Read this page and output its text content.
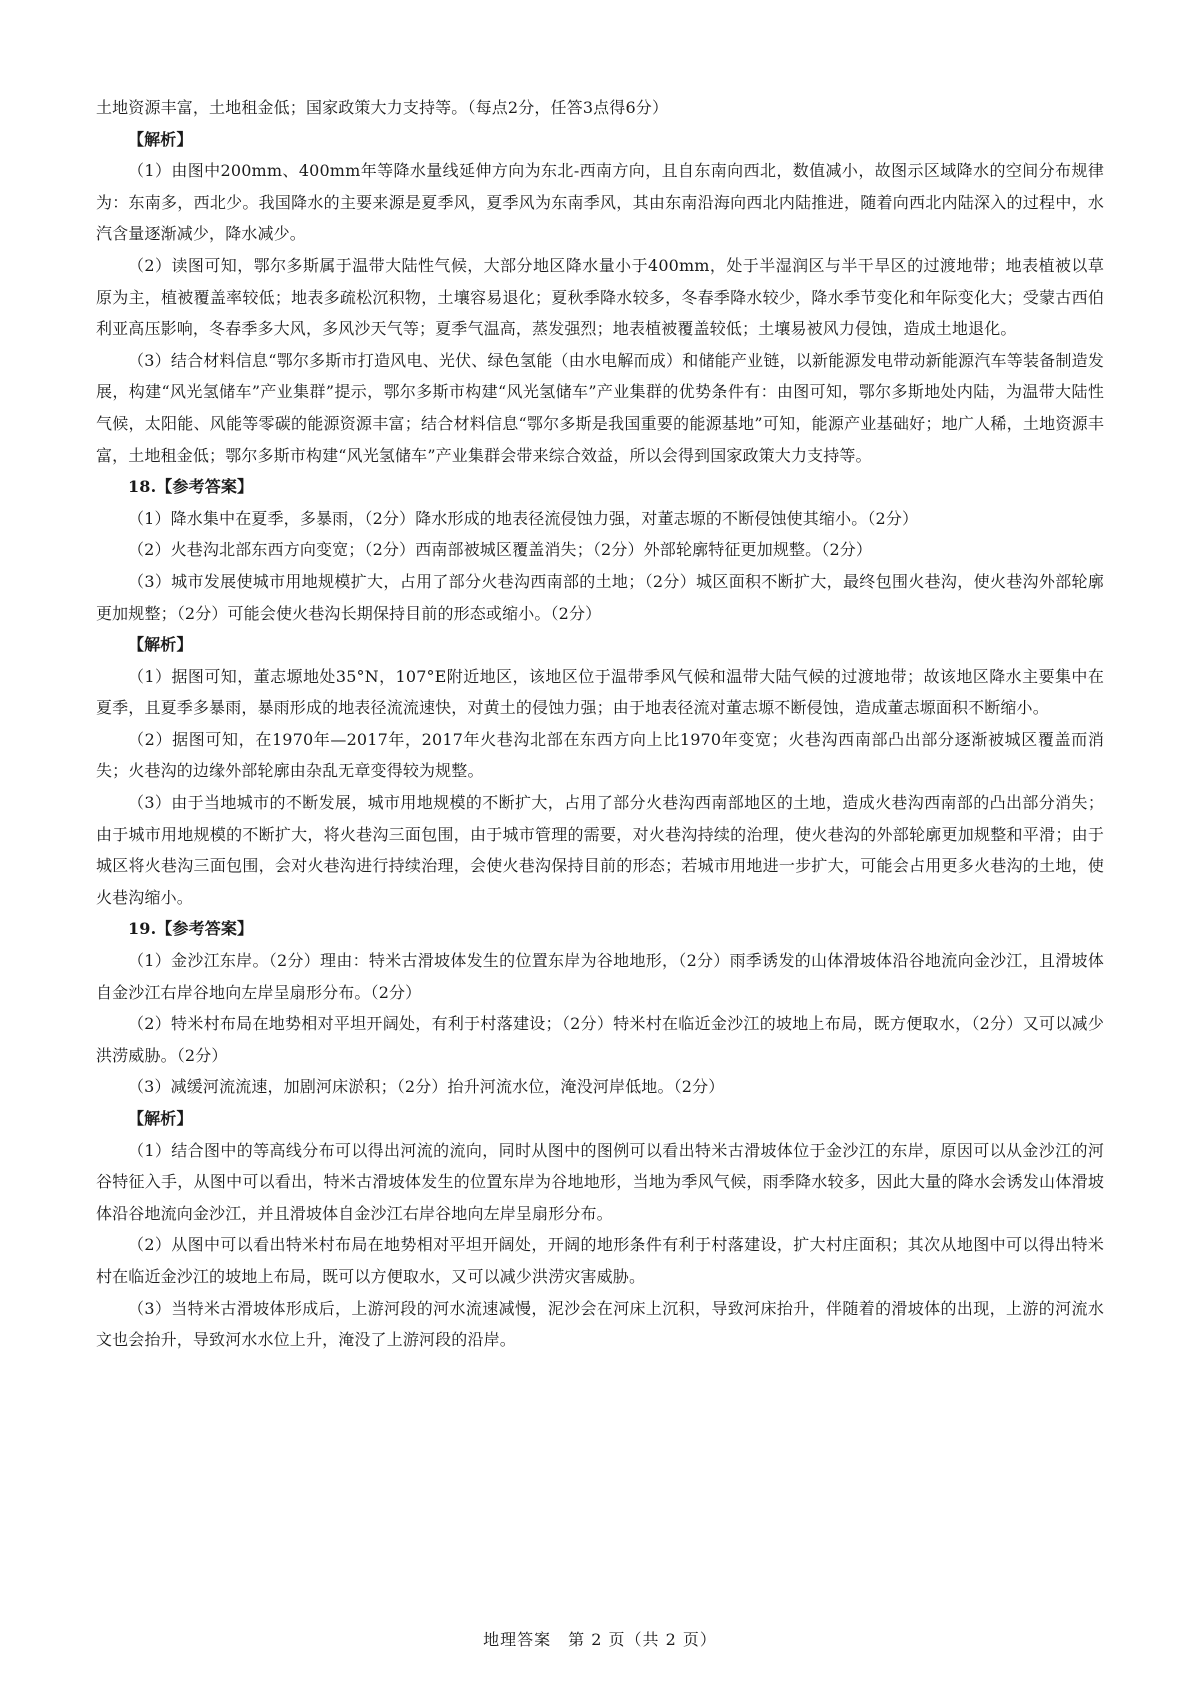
土地资源丰富，土地租金低；国家政策大力支持等。（每点2分，任答3点得6分）

【解析】

（1）由图中200mm、400mm年等降水量线延伸方向为东北-西南方向，且自东南向西北，数值减小，故图示区域降水的空间分布规律为：东南多，西北少。我国降水的主要来源是夏季风，夏季风为东南季风，其由东南沿海向西北内陆推进，随着向西北内陆深入的过程中，水汽含量逐渐减少，降水减少。

（2）读图可知，鄂尔多斯属于温带大陆性气候，大部分地区降水量小于400mm，处于半湿润区与半干旱区的过渡地带；地表植被以草原为主，植被覆盖率较低；地表多疏松沉积物，土壤容易退化；夏秋季降水较多，冬春季降水较少，降水季节变化和年际变化大；受蒙古西伯利亚高压影响，冬春季多大风，多风沙天气等；夏季气温高，蒸发强烈；地表植被覆盖较低；土壤易被风力侵蚀，造成土地退化。

（3）结合材料信息“鄂尔多斯市打造风电、光伏、绿色氢能（由水电解而成）和储能产业链，以新能源发电带动新能源汽车等装备制造发展，构建“风光氢储车”产业集群”提示，鄂尔多斯市构建“风光氢储车”产业集群的优势条件有：由图可知，鄂尔多斯地处内陆，为温带大陆性气候，太阳能、风能等零碳的能源资源丰富；结合材料信息“鄂尔多斯是我国重要的能源基地”可知，能源产业基础好；地广人稀，土地资源丰富，土地租金低；鄂尔多斯市构建“风光氢储车”产业集群会带来综合效益，所以会得到国家政策大力支持等。

18.【参考答案】

（1）降水集中在夏季，多暴雨，（2分）降水形成的地表径流侵蚀力强，对董志塬的不断侵蚀使其缩小。（2分）

（2）火巷沟北部东西方向变宽；（2分）西南部被城区覆盖消失；（2分）外部轮廓特征更加规整。（2分）

（3）城市发展使城市用地规模扩大，占用了部分火巷沟西南部的土地；（2分）城区面积不断扩大，最终包围火巷沟，使火巷沟外部轮廓更加规整；（2分）可能会使火巷沟长期保持目前的形态或缩小。（2分）

【解析】

（1）据图可知，董志塬地处35°N，107°E附近地区，该地区位于温带季风气候和温带大陆气候的过渡地带；故该地区降水主要集中在夏季，且夏季多暴雨，暴雨形成的地表径流流速快，对黄土的侵蚀力强；由于地表径流对董志塬不断侵蚀，造成董志塬面积不断缩小。

（2）据图可知，在1970年—2017年，2017年火巷沟北部在东西方向上比1970年变宽；火巷沟西南部凸出部分逐渐被城区覆盖而消失；火巷沟的边缘外部轮廓由杂乱无章变得较为规整。

（3）由于当地城市的不断发展，城市用地规模的不断扩大，占用了部分火巷沟西南部地区的土地，造成火巷沟西南部的凸出部分消失；由于城市用地规模的不断扩大，将火巷沟三面包围，由于城市管理的需要，对火巷沟持续的治理，使火巷沟的外部轮廓更加规整和平滑；由于城区将火巷沟三面包围，会对火巷沟进行持续治理，会使火巷沟保持目前的形态；若城市用地进一步扩大，可能会占用更多火巷沟的土地，使火巷沟缩小。

19.【参考答案】

（1）金沙江东岸。（2分）理由：特米古滑坡体发生的位置东岸为谷地地形，（2分）雨季诱发的山体滑坡体沿谷地流向金沙江，且滑坡体自金沙江右岸谷地向左岸呈扇形分布。（2分）

（2）特米村布局在地势相对平坦开阔处，有利于村落建设；（2分）特米村在临近金沙江的坡地上布局，既方便取水，（2分）又可以减少洪涝威胁。（2分）

（3）减缓河流流速，加剧河床淤积；（2分）抬升河流水位，淹没河岸低地。（2分）

【解析】

（1）结合图中的等高线分布可以得出河流的流向，同时从图中的图例可以看出特米古滑坡体位于金沙江的东岸，原因可以从金沙江的河谷特征入手，从图中可以看出，特米古滑坡体发生的位置东岸为谷地地形，当地为季风气候，雨季降水较多，因此大量的降水会诱发山体滑坡体沿谷地流向金沙江，并且滑坡体自金沙江右岸谷地向左岸呈扇形分布。

（2）从图中可以看出特米村布局在地势相对平坦开阔处，开阔的地形条件有利于村落建设，扩大村庄面积；其次从地图中可以得出特米村在临近金沙江的坡地上布局，既可以方便取水，又可以减少洪涝灾害威胁。

（3）当特米古滑坡体形成后，上游河段的河水流速减慢，泥沙会在河床上沉积，导致河床抬升，伴随着的滑坡体的出现，上游的河流水文也会抬升，导致河水水位上升，淹没了上游河段的沿岸。

地理答案　第 2 页（共 2 页）
